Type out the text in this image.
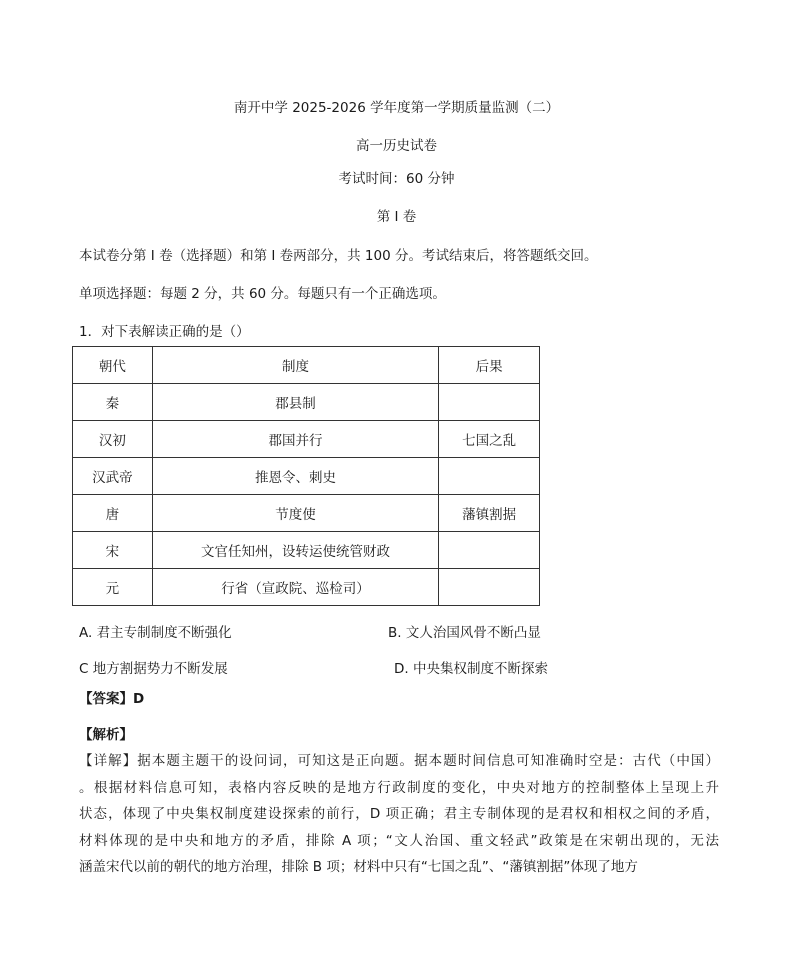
南开中学 2025-2026 学年度第一学期质量监测（二）
高一历史试卷
考试时间：60 分钟
第 I 卷
本试卷分第 I 卷（选择题）和第 I 卷两部分，共 100 分。考试结束后，将答题纸交回。
单项选择题：每题 2 分，共 60 分。每题只有一个正确选项。
1．对下表解读正确的是（）
朝代	制度	后果
秦	郡县制	
汉初	郡国并行	七国之乱
汉武帝	推恩令、刺史	
唐	节度使	藩镇割据
宋	文官任知州，设转运使统管财政	
元	行省（宣政院、巡检司）	
A. 君主专制制度不断强化	B. 文人治国风骨不断凸显
C 地方割据势力不断发展	D. 中央集权制度不断探索
【答案】D
【解析】
【详解】据本题主题干的设问词，可知这是正向题。据本题时间信息可知准确时空是：古代（中国）
。根据材料信息可知，表格内容反映的是地方行政制度的变化，中央对地方的控制整体上呈现上升
状态，体现了中央集权制度建设探索的前行，D 项正确；君主专制体现的是君权和相权之间的矛盾，
材料体现的是中央和地方的矛盾，排除 A 项；“文人治国、重文轻武”政策是在宋朝出现的，无法
涵盖宋代以前的朝代的地方治理，排除 B 项；材料中只有“七国之乱”、“藩镇割据”体现了地方
